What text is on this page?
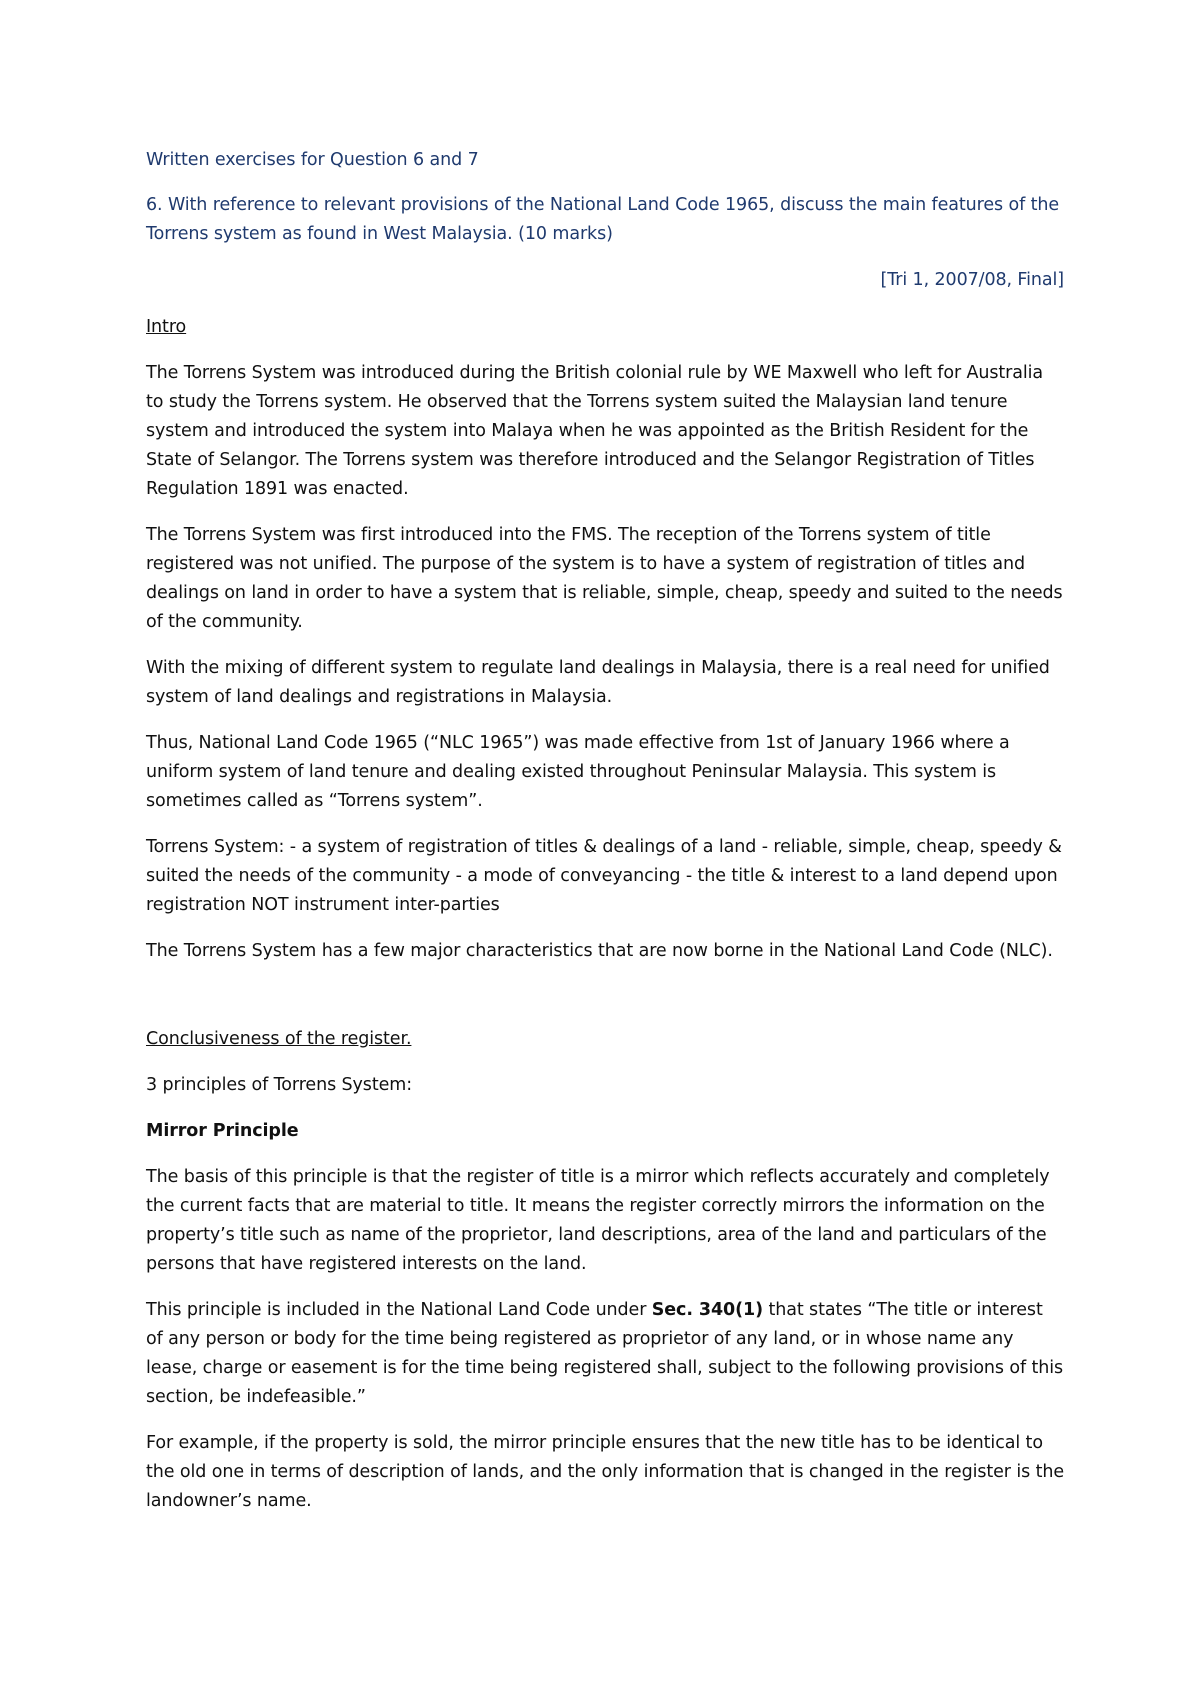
Written exercises for Question 6 and 7

6. With reference to relevant provisions of the National Land Code 1965, discuss the main features of the Torrens system as found in West Malaysia. (10 marks)

[Tri 1, 2007/08, Final]

Intro

The Torrens System was introduced during the British colonial rule by WE Maxwell who left for Australia to study the Torrens system. He observed that the Torrens system suited the Malaysian land tenure system and introduced the system into Malaya when he was appointed as the British Resident for the State of Selangor. The Torrens system was therefore introduced and the Selangor Registration of Titles Regulation 1891 was enacted.

The Torrens System was first introduced into the FMS. The reception of the Torrens system of title registered was not unified. The purpose of the system is to have a system of registration of titles and dealings on land in order to have a system that is reliable, simple, cheap, speedy and suited to the needs of the community.

With the mixing of different system to regulate land dealings in Malaysia, there is a real need for unified system of land dealings and registrations in Malaysia.

Thus, National Land Code 1965 (“NLC 1965”) was made effective from 1st of January 1966 where a uniform system of land tenure and dealing existed throughout Peninsular Malaysia. This system is sometimes called as “Torrens system”.

Torrens System: - a system of registration of titles & dealings of a land - reliable, simple, cheap, speedy & suited the needs of the community - a mode of conveyancing - the title & interest to a land depend upon registration NOT instrument inter-parties

The Torrens System has a few major characteristics that are now borne in the National Land Code (NLC).

Conclusiveness of the register.

3 principles of Torrens System:

Mirror Principle

The basis of this principle is that the register of title is a mirror which reflects accurately and completely the current facts that are material to title. It means the register correctly mirrors the information on the property’s title such as name of the proprietor, land descriptions, area of the land and particulars of the persons that have registered interests on the land.

This principle is included in the National Land Code under Sec. 340(1) that states “The title or interest of any person or body for the time being registered as proprietor of any land, or in whose name any lease, charge or easement is for the time being registered shall, subject to the following provisions of this section, be indefeasible.”

For example, if the property is sold, the mirror principle ensures that the new title has to be identical to the old one in terms of description of lands, and the only information that is changed in the register is the landowner’s name.
